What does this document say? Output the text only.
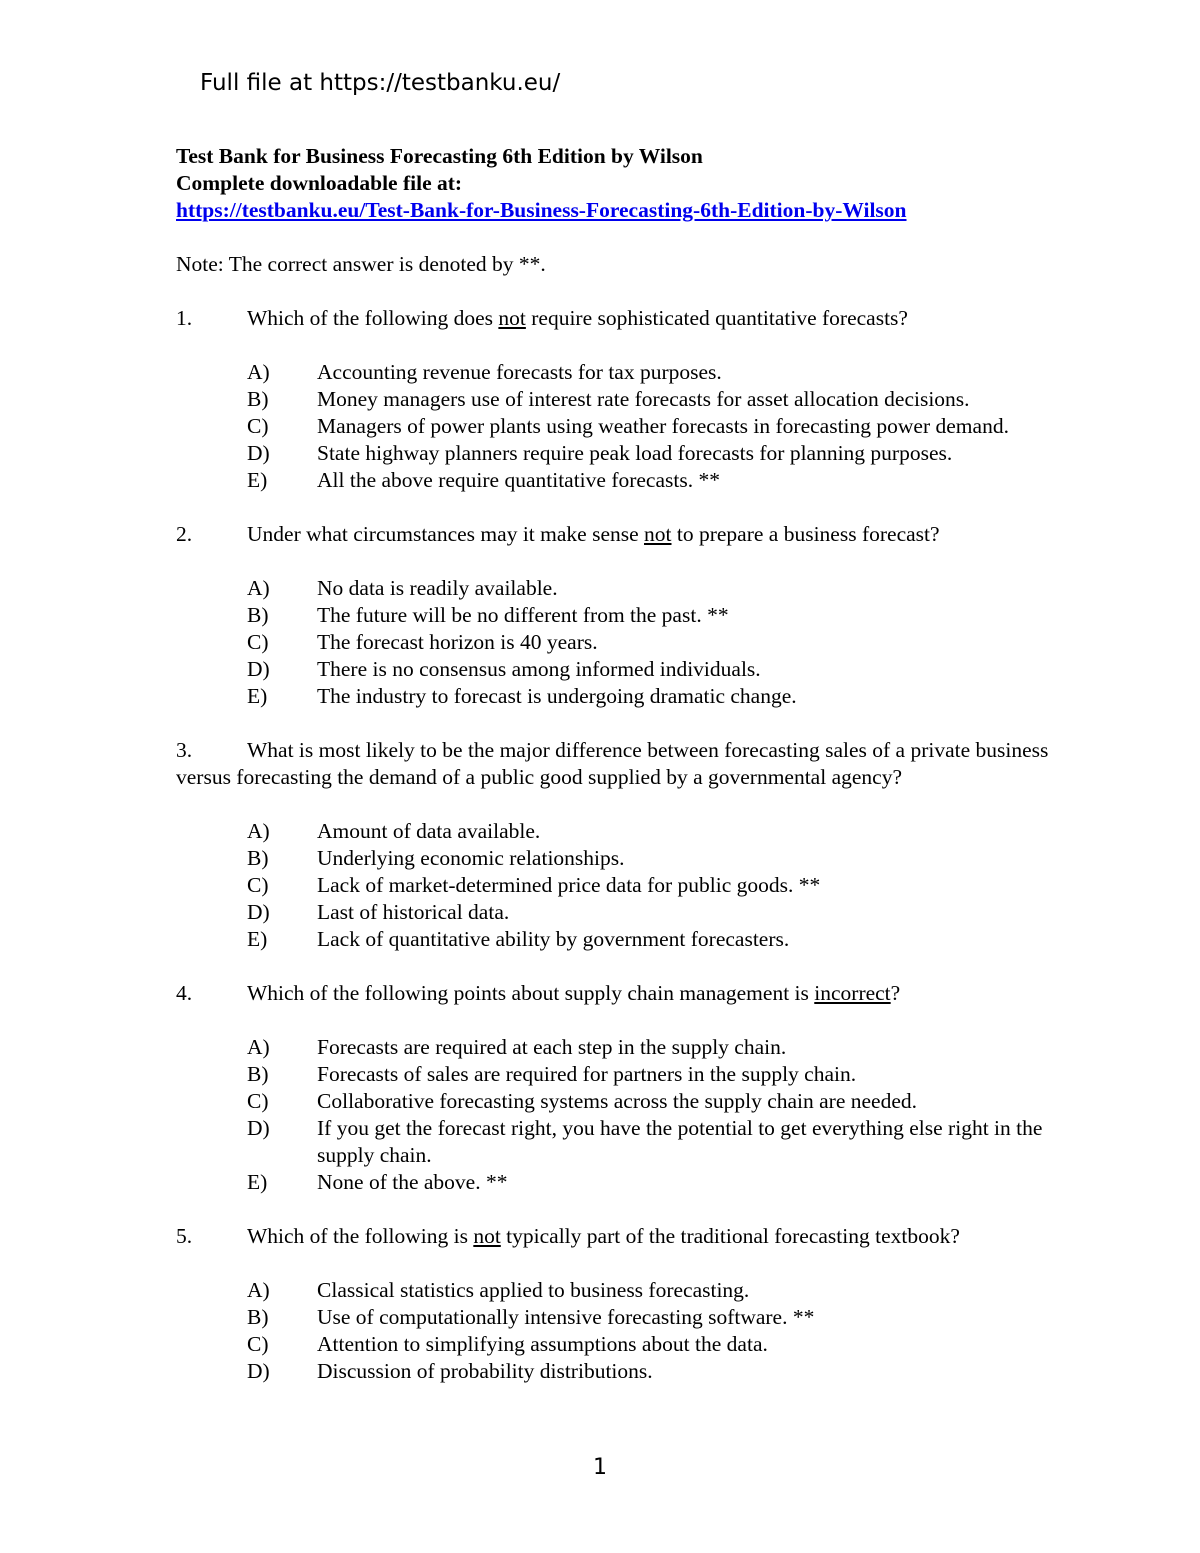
Full file at https://testbanku.eu/
Test Bank for Business Forecasting 6th Edition by Wilson
Complete downloadable file at:
https://testbanku.eu/Test-Bank-for-Business-Forecasting-6th-Edition-by-Wilson
Note: The correct answer is denoted by **.
1.	Which of the following does not require sophisticated quantitative forecasts?
A) Accounting revenue forecasts for tax purposes.
B) Money managers use of interest rate forecasts for asset allocation decisions.
C) Managers of power plants using weather forecasts in forecasting power demand.
D) State highway planners require peak load forecasts for planning purposes.
E) All the above require quantitative forecasts. **
2.	Under what circumstances may it make sense not to prepare a business forecast?
A) No data is readily available.
B) The future will be no different from the past. **
C) The forecast horizon is 40 years.
D) There is no consensus among informed individuals.
E) The industry to forecast is undergoing dramatic change.
3.	What is most likely to be the major difference between forecasting sales of a private business versus forecasting the demand of a public good supplied by a governmental agency?
A) Amount of data available.
B) Underlying economic relationships.
C) Lack of market-determined price data for public goods. **
D) Last of historical data.
E) Lack of quantitative ability by government forecasters.
4.	Which of the following points about supply chain management is incorrect?
A) Forecasts are required at each step in the supply chain.
B) Forecasts of sales are required for partners in the supply chain.
C) Collaborative forecasting systems across the supply chain are needed.
D) If you get the forecast right, you have the potential to get everything else right in the supply chain.
E) None of the above. **
5.	Which of the following is not typically part of the traditional forecasting textbook?
A) Classical statistics applied to business forecasting.
B) Use of computationally intensive forecasting software. **
C) Attention to simplifying assumptions about the data.
D) Discussion of probability distributions.
1
